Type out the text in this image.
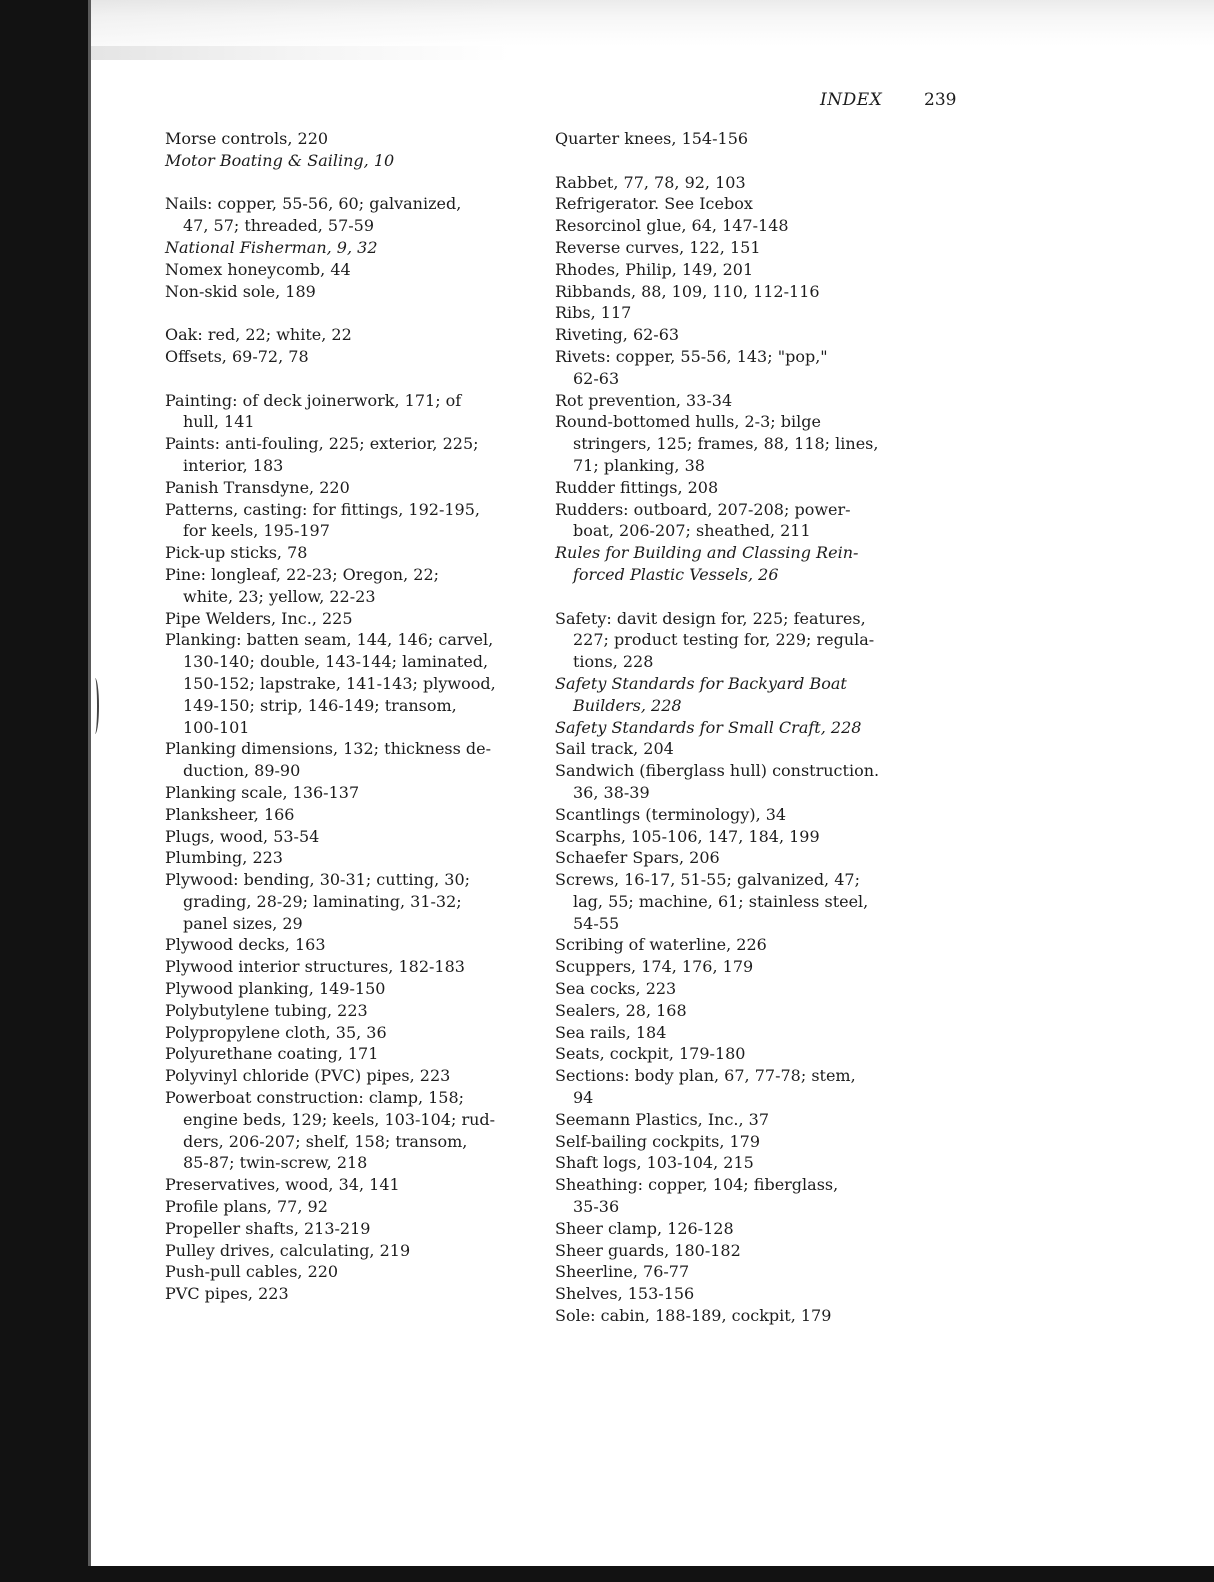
INDEX 239

Morse controls, 220

Motor Boating & Sailing, 10

Nails: copper, 55-56, 60; galvanized,
47, 57; threaded, 57-59

National Fisherman, 9, 32

Nomex honeycomb, 44

Non-skid sole, 189

Oak: red, 22; white, 22

Offsets, 69-72, 78

Painting: of deck joinerwork, 171; of
hull, 141

Paints: anti-fouling, 225; exterior, 225;
interior, 183

Panish Transdyne, 220

Patterns, casting: for fittings, 192-195,
for keels, 195-197

Pick-up sticks, 78

Pine: longleaf, 22-23; Oregon, 22;
white, 23; yellow, 22-23

Pipe Welders, Inc., 225

Planking: batten seam, 144, 146; carvel,
130-140; double, 143-144; laminated,
150-152; lapstrake, 141-143; plywood,
149-150; strip, 146-149; transom,
100-101

Planking dimensions, 132; thickness de-
duction, 89-90

Planking scale, 136-137

Planksheer, 166

Plugs, wood, 53-54

Plumbing, 223

Plywood: bending, 30-31; cutting, 30;
grading, 28-29; laminating, 31-32;
panel sizes, 29

Plywood decks, 163

Plywood interior structures, 182-183

Plywood planking, 149-150

Polybutylene tubing, 223

Polypropylene cloth, 35, 36

Polyurethane coating, 171

Polyvinyl chloride (PVC) pipes, 223

Powerboat construction: clamp, 158;
engine beds, 129; keels, 103-104; rud-
ders, 206-207; shelf, 158; transom,
85-87; twin-screw, 218

Preservatives, wood, 34, 141

Profile plans, 77, 92

Propeller shafts, 213-219

Pulley drives, calculating, 219

Push-pull cables, 220

PVC pipes, 223

Quarter knees, 154-156

Rabbet, 77, 78, 92, 103

Refrigerator. See Icebox

Resorcinol glue, 64, 147-148

Reverse curves, 122, 151

Rhodes, Philip, 149, 201

Ribbands, 88, 109, 110, 112-116

Ribs, 117

Riveting, 62-63

Rivets: copper, 55-56, 143; "pop,"
62-63

Rot prevention, 33-34

Round-bottomed hulls, 2-3; bilge
stringers, 125; frames, 88, 118; lines,
71; planking, 38

Rudder fittings, 208

Rudders: outboard, 207-208; power-
boat, 206-207; sheathed, 211

Rules for Building and Classing Rein-
forced Plastic Vessels, 26

Safety: davit design for, 225; features,
227; product testing for, 229; regula-
tions, 228

Safety Standards for Backyard Boat
Builders, 228

Safety Standards for Small Craft, 228

Sail track, 204

Sandwich (fiberglass hull) construction.
36, 38-39

Scantlings (terminology), 34

Scarphs, 105-106, 147, 184, 199

Schaefer Spars, 206

Screws, 16-17, 51-55; galvanized, 47;
lag, 55; machine, 61; stainless steel,
54-55

Scribing of waterline, 226

Scuppers, 174, 176, 179

Sea cocks, 223

Sealers, 28, 168

Sea rails, 184

Seats, cockpit, 179-180

Sections: body plan, 67, 77-78; stem,
94

Seemann Plastics, Inc., 37

Self-bailing cockpits, 179

Shaft logs, 103-104, 215

Sheathing: copper, 104; fiberglass,
35-36

Sheer clamp, 126-128

Sheer guards, 180-182

Sheerline, 76-77

Shelves, 153-156

Sole: cabin, 188-189, cockpit, 179
